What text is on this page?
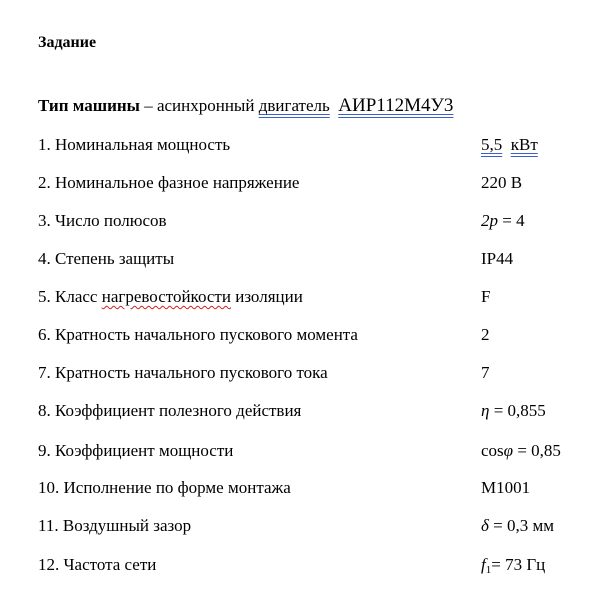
Задание
Тип машины – асинхронный двигатель АИР112М4У3
1. Номинальная мощность	5,5 кВт
2. Номинальное фазное напряжение	220 В
3. Число полюсов	2p = 4
4. Степень защиты	IP44
5. Класс нагревостойкости изоляции	F
6. Кратность начального пускового момента	2
7. Кратность начального пускового тока	7
8. Коэффициент полезного действия	η = 0,855
9. Коэффициент мощности	cosφ = 0,85
10. Исполнение по форме монтажа	М1001
11. Воздушный зазор	δ = 0,3 мм
12. Частота сети	$f_1= 73$ Гц
